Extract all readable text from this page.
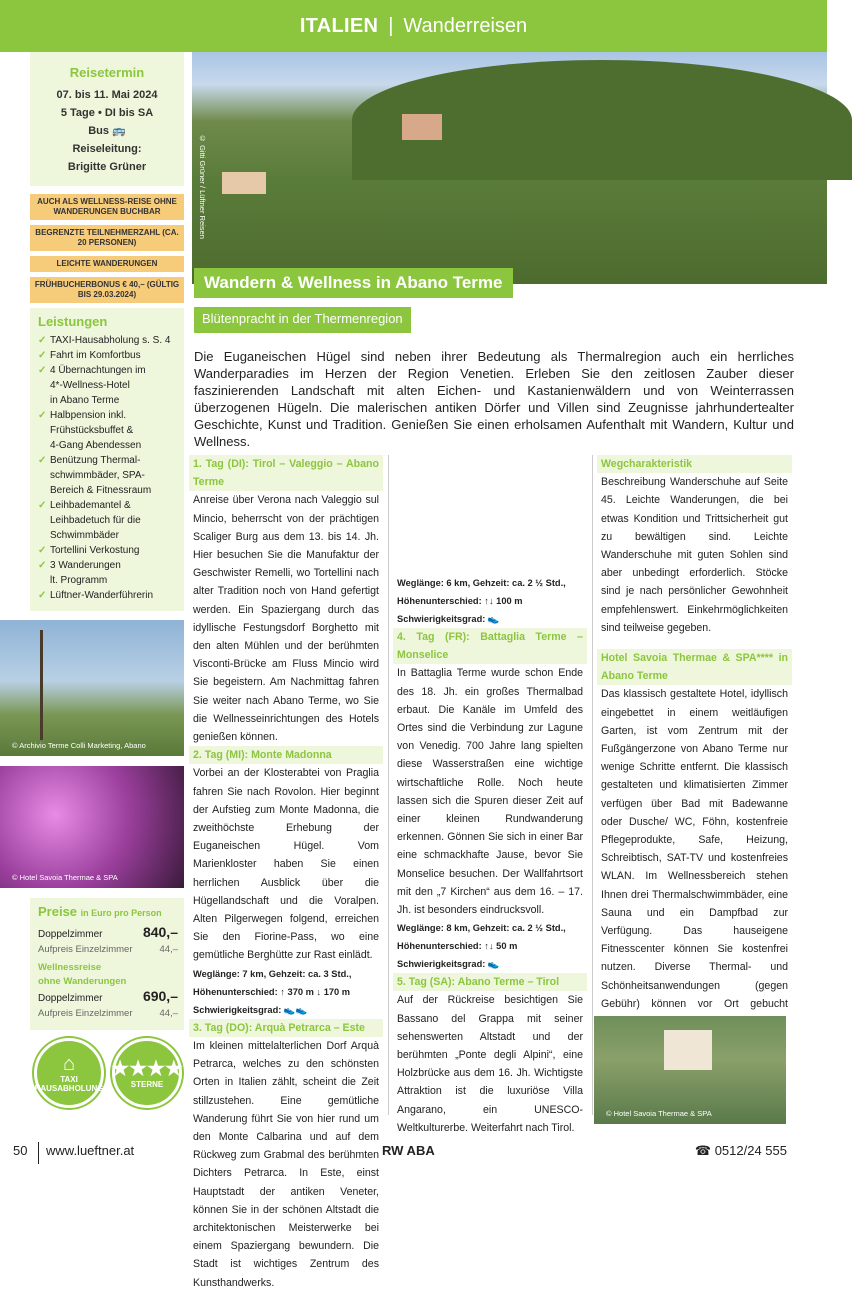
ITALIEN | Wanderreisen
Reisetermin
07. bis 11. Mai 2024
5 Tage • DI bis SA
Bus 🚌
Reiseleitung:
Brigitte Grüner
AUCH ALS WELLNESS-REISE OHNE WANDERUNGEN BUCHBAR
BEGRENZTE TEILNEHMERZAHL (CA. 20 PERSONEN)
LEICHTE WANDERUNGEN
FRÜHBUCHERBONUS € 40,– (GÜLTIG BIS 29.03.2024)
Leistungen
✓ TAXI-Hausabholung s. S. 4
✓ Fahrt im Komfortbus
✓ 4 Übernachtungen im
4*-Wellness-Hotel
in Abano Terme
✓ Halbpension inkl.
Frühstücksbuffet &
4-Gang Abendessen
✓ Benützung Thermal-
schwimmbäder, SPA-
Bereich & Fitnessraum
✓ Leihbademantel &
Leihbadetuch für die
Schwimmbäder
✓ Tortellini Verkostung
✓ 3 Wanderungen
lt. Programm
✓ Lüftner-Wanderführerin
© Archivio Terme Colli Marketing, Abano
© Hotel Savoia Thermae & SPA
Preise in Euro pro Person
Doppelzimmer	840,–
Aufpreis Einzelzimmer	44,–
Wellnessreise
ohne Wanderungen
Doppelzimmer	690,–
Aufpreis Einzelzimmer	44,–
⌂
TAXI HAUSABHOLUNG
★★★★
STERNE
© Gitti Grüner / Lüftner Reisen
Wandern & Wellness in Abano Terme
Blütenpracht in der Thermenregion

Die Euganeischen Hügel sind neben ihrer Bedeutung als Thermalregion auch ein herrliches Wanderparadies im Herzen der Region Venetien. Erleben Sie den zeitlosen Zauber dieser faszinierenden Landschaft mit alten Eichen- und Kastanienwäldern und von Weinterrassen überzogenen Hügeln. Die malerischen antiken Dörfer und Villen sind Zeugnisse jahrhundertealter Geschichte, Kunst und Tradition. Genießen Sie einen erholsamen Aufenthalt mit Wandern, Kultur und Wellness.

1. Tag (DI): Tirol – Valeggio – Abano Terme
Anreise über Verona nach Valeggio sul Mincio, beherrscht von der prächtigen Scaliger Burg aus dem 13. bis 14. Jh. Hier besuchen Sie die Manufaktur der Geschwister Remelli, wo Tortellini nach alter Tradition noch von Hand gefertigt werden. Ein Spaziergang durch das idyllische Festungsdorf Borghetto mit den alten Mühlen und der berühmten Visconti-Brücke am Fluss Mincio wird Sie begeistern. Am Nachmittag fahren Sie weiter nach Abano Terme, wo Sie die Wellnesseinrichtungen des Hotels genießen können.
2. Tag (MI): Monte Madonna
Vorbei an der Klosterabtei von Praglia fahren Sie nach Rovolon. Hier beginnt der Aufstieg zum Monte Madonna, die zweithöchste Erhebung der Euganeischen Hügel. Vom Marienkloster haben Sie einen herrlichen Ausblick über die Hügellandschaft und die Voralpen. Alten Pilgerwegen folgend, erreichen Sie den Fiorine-Pass, wo eine gemütliche Berghütte zur Rast einlädt.
Weglänge: 7 km, Gehzeit: ca. 3 Std.,
Höhenunterschied: ↑ 370 m ↓ 170 m
Schwierigkeitsgrad: 👟👟
3. Tag (DO): Arquà Petrarca – Este
Im kleinen mittelalterlichen Dorf Arquà Petrarca, welches zu den schönsten Orten in Italien zählt, scheint die Zeit stillzustehen. Eine gemütliche Wanderung führt Sie von hier rund um den Monte Calbarina und auf dem Rückweg zum Grabmal des berühmten Dichters Petrarca. In Este, einst Hauptstadt der antiken Veneter, können Sie in der schönen Altstadt die architektonischen Meisterwerke bei einem Spaziergang bewundern. Die Stadt ist wichtiges Zentrum des Kunsthandwerks.
Weglänge: 6 km, Gehzeit: ca. 2 ½ Std.,
Höhenunterschied: ↑↓ 100 m
Schwierigkeitsgrad: 👟
4. Tag (FR): Battaglia Terme – Monselice
In Battaglia Terme wurde schon Ende des 18. Jh. ein großes Thermalbad erbaut. Die Kanäle im Umfeld des Ortes sind die Verbindung zur Lagune von Venedig. 700 Jahre lang spielten diese Wasserstraßen eine wichtige wirtschaftliche Rolle. Noch heute lassen sich die Spuren dieser Zeit auf einer kleinen Rundwanderung erkennen. Gönnen Sie sich in einer Bar eine schmackhafte Jause, bevor Sie Monselice besuchen. Der Wallfahrtsort mit den „7 Kirchen“ aus dem 16. – 17. Jh. ist besonders eindrucksvoll.
Weglänge: 8 km, Gehzeit: ca. 2 ½ Std.,
Höhenunterschied: ↑↓ 50 m
Schwierigkeitsgrad: 👟
5. Tag (SA): Abano Terme – Tirol
Auf der Rückreise besichtigen Sie Bassano del Grappa mit seiner sehenswerten Altstadt und der berühmten „Ponte degli Alpini“, eine Holzbrücke aus dem 16. Jh. Wichtigste Attraktion ist die luxuriöse Villa Angarano, ein UNESCO-Weltkulturerbe. Weiterfahrt nach Tirol.
Wegcharakteristik
Beschreibung Wanderschuhe auf Seite 45. Leichte Wanderungen, die bei etwas Kondition und Trittsicherheit gut zu bewältigen sind. Leichte Wanderschuhe mit guten Sohlen sind aber unbedingt erforderlich. Stöcke sind je nach persönlicher Gewohnheit empfehlenswert. Einkehrmöglichkeiten sind teilweise gegeben.
Hotel Savoia Thermae & SPA**** in Abano Terme
Das klassisch gestaltete Hotel, idyllisch eingebettet in einem weitläufigen Garten, ist vom Zentrum mit der Fußgängerzone von Abano Terme nur wenige Schritte entfernt. Die klassisch gestalteten und klimatisierten Zimmer verfügen über Bad mit Badewanne oder Dusche/ WC, Föhn, kostenfreie Pflegeprodukte, Safe, Heizung, Schreibtisch, SAT-TV und kostenfreies WLAN. Im Wellnessbereich stehen Ihnen drei Thermalschwimmbäder, eine Sauna und ein Dampfbad zur Verfügung. Das hauseigene Fitnesscenter können Sie kostenfrei nutzen. Diverse Thermal- und Schönheitsanwendungen (gegen Gebühr) können vor Ort gebucht
© Hotel Savoia Thermae & SPA
50 www.lueftner.at	RW ABA	☎ 0512/24 555
